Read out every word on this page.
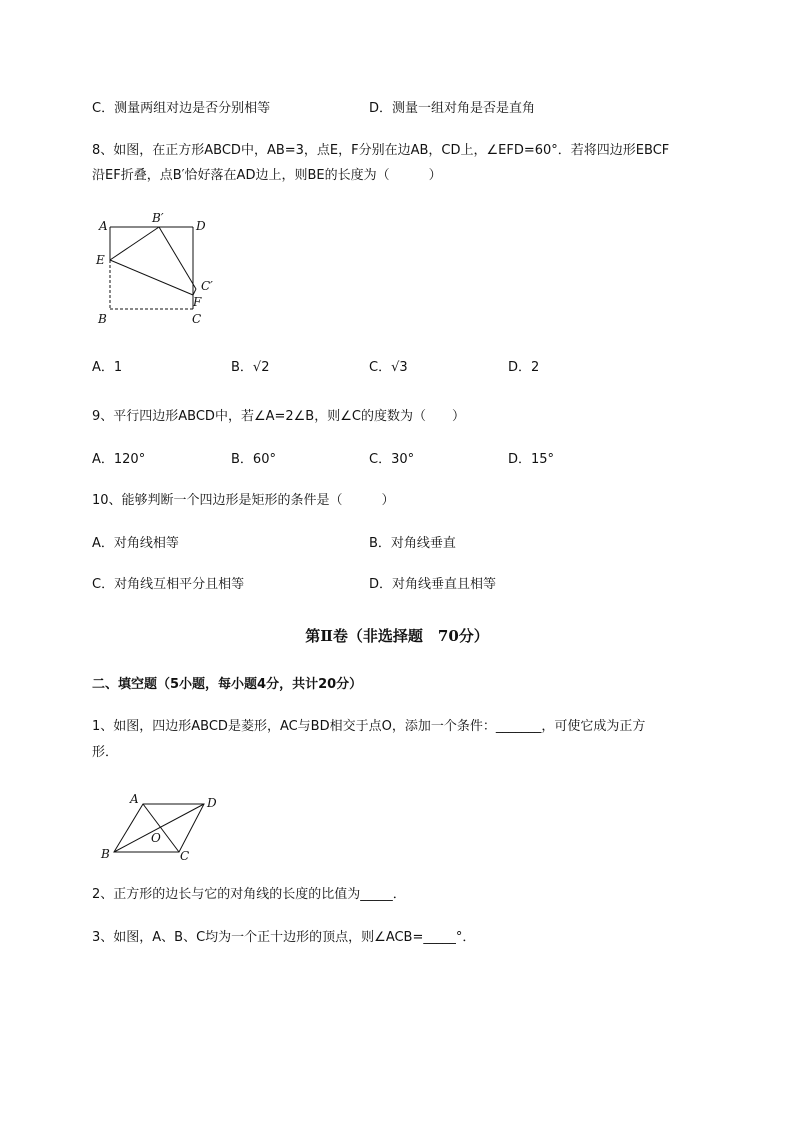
C．测量两组对边是否分别相等	D．测量一组对角是否是直角
8、如图，在正方形ABCD中，AB=3，点E，F分别在边AB，CD上，∠EFD=60°．若将四边形EBCF
沿EF折叠，点B′恰好落在AD边上，则BE的长度为（　　　）
A
B′
D
E
C′
F
B	C
A．1	B．√2	C．√3	D．2
9、平行四边形ABCD中，若∠A=2∠B，则∠C的度数为（　　）
A．120°	B．60°	C．30°	D．15°
10、能够判断一个四边形是矩形的条件是（　　　）
A．对角线相等	B．对角线垂直
C．对角线互相平分且相等	D．对角线垂直且相等
第Ⅱ卷（非选择题　70分）
二、填空题（5小题，每小题4分，共计20分）
1、如图，四边形ABCD是菱形，AC与BD相交于点O，添加一个条件：_______，可使它成为正方
形．
A	D
O
B	C
2、正方形的边长与它的对角线的长度的比值为_____．
3、如图，A、B、C均为一个正十边形的顶点，则∠ACB=_____°．
